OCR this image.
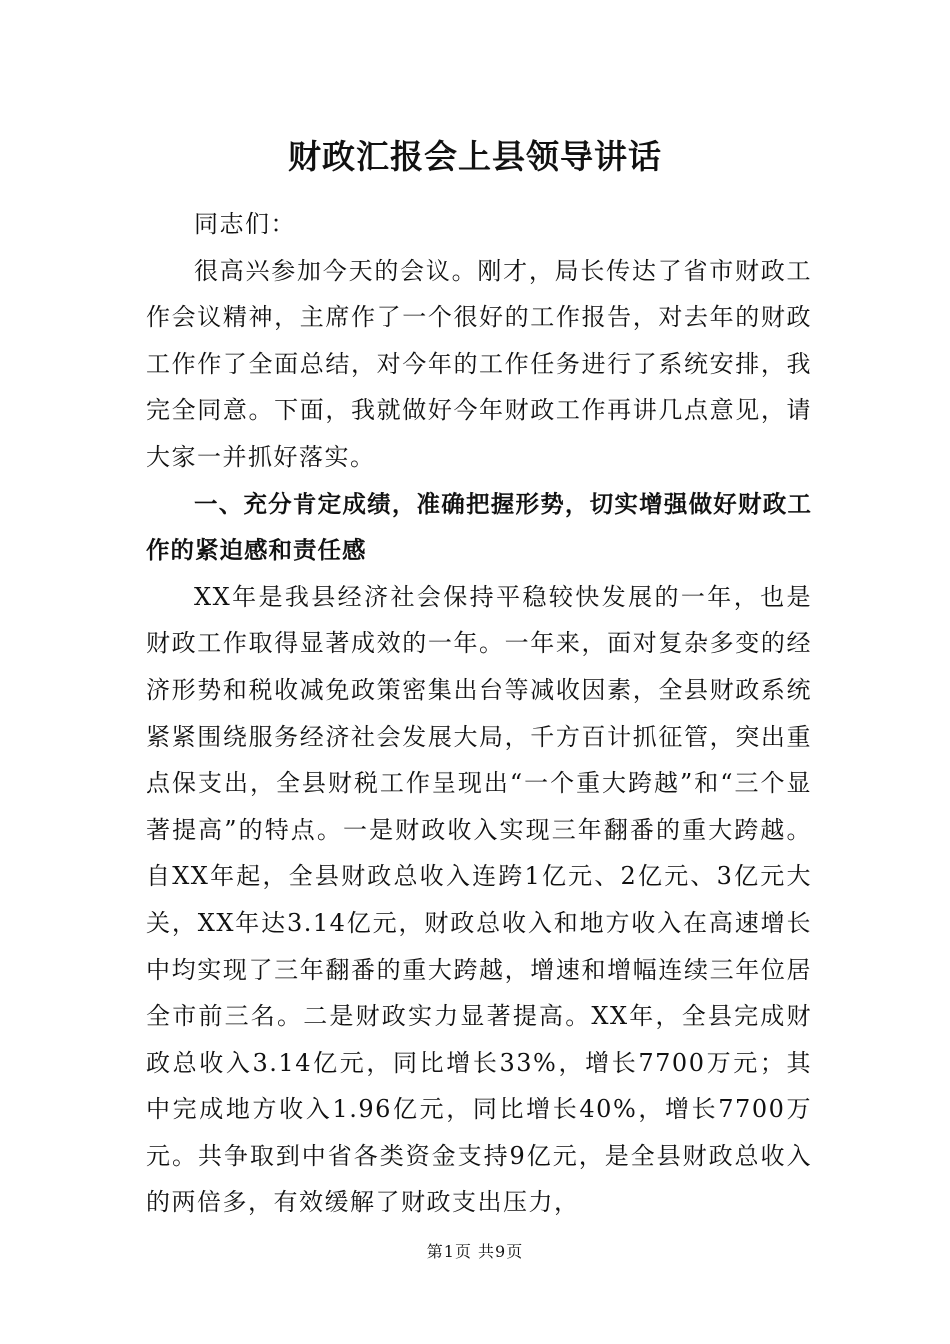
财政汇报会上县领导讲话

同志们：

很高兴参加今天的会议。刚才，局长传达了省市财政工作会议精神，主席作了一个很好的工作报告，对去年的财政工作作了全面总结，对今年的工作任务进行了系统安排，我完全同意。下面，我就做好今年财政工作再讲几点意见，请大家一并抓好落实。

一、充分肯定成绩，准确把握形势，切实增强做好财政工作的紧迫感和责任感

XX年是我县经济社会保持平稳较快发展的一年，也是财政工作取得显著成效的一年。一年来，面对复杂多变的经济形势和税收减免政策密集出台等减收因素，全县财政系统紧紧围绕服务经济社会发展大局，千方百计抓征管，突出重点保支出，全县财税工作呈现出“一个重大跨越”和“三个显著提高”的特点。一是财政收入实现三年翻番的重大跨越。自XX年起，全县财政总收入连跨1亿元、2亿元、3亿元大关，XX年达3.14亿元，财政总收入和地方收入在高速增长中均实现了三年翻番的重大跨越，增速和增幅连续三年位居全市前三名。二是财政实力显著提高。XX年，全县完成财政总收入3.14亿元，同比增长33%，增长7700万元；其中完成地方收入1.96亿元，同比增长40%，增长7700万元。共争取到中省各类资金支持9亿元，是全县财政总收入的两倍多，有效缓解了财政支出压力，

第1页 共9页
